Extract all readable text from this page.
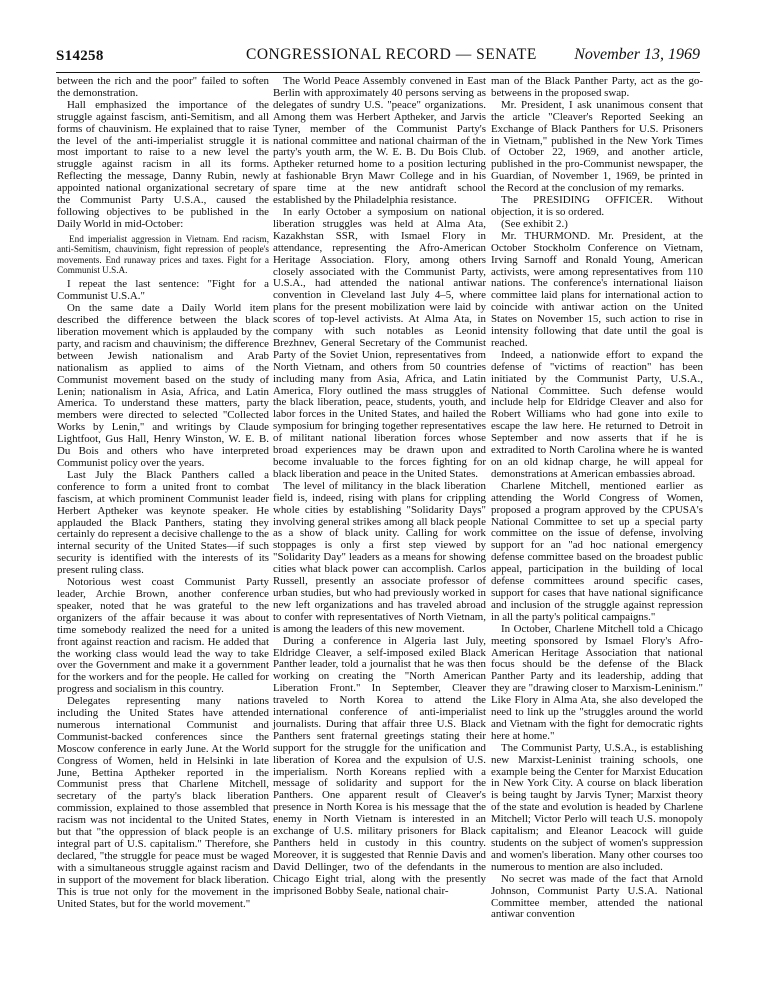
S14258	CONGRESSIONAL RECORD — SENATE November 13, 1969

between the rich and the poor" failed to soften the demonstration.

Hall emphasized the importance of the struggle against fascism, anti-Semitism, and all forms of chauvinism. He explained that to raise the level of the anti-imperialist struggle it is most important to raise to a new level the struggle against racism in all its forms. Reflecting the message, Danny Rubin, newly appointed national organizational secretary of the Communist Party U.S.A., caused the following objectives to be published in the Daily World in mid-October:

End imperialist aggression in Vietnam. End racism, anti-Semitism, chauvinism, fight repression of people's movements. End runaway prices and taxes. Fight for a Communist U.S.A.

I repeat the last sentence: "Fight for a Communist U.S.A."

On the same date a Daily World item described the difference between the black liberation movement which is applauded by the party, and racism and chauvinism; the difference between Jewish nationalism and Arab nationalism as applied to aims of the Communist movement based on the study of Lenin; nationalism in Asia, Africa, and Latin America. To understand these matters, party members were directed to selected "Collected Works by Lenin," and writings by Claude Lightfoot, Gus Hall, Henry Winston, W. E. B. Du Bois and others who have interpreted Communist policy over the years.

Last July the Black Panthers called a conference to form a united front to combat fascism, at which prominent Communist leader Herbert Aptheker was keynote speaker. He applauded the Black Panthers, stating they certainly do represent a decisive challenge to the internal security of the United States—if such security is identified with the interests of its present ruling class.

Notorious west coast Communist Party leader, Archie Brown, another conference speaker, noted that he was grateful to the organizers of the affair because it was about time somebody realized the need for a united front against reaction and racism. He added that the working class would lead the way to take over the Government and make it a government for the workers and for the people. He called for progress and socialism in this country.

Delegates representing many nations including the United States have attended numerous international Communist and Communist-backed conferences since the Moscow conference in early June. At the World Congress of Women, held in Helsinki in late June, Bettina Aptheker reported in the Communist press that Charlene Mitchell, secretary of the party's black liberation commission, explained to those assembled that racism was not incidental to the United States, but that "the oppression of black people is an integral part of U.S. capitalism." Therefore, she declared, "the struggle for peace must be waged with a simultaneous struggle against racism and in support of the movement for black liberation. This is true not only for the movement in the United States, but for the world movement."

The World Peace Assembly convened in East Berlin with approximately 40 persons serving as delegates of sundry U.S. "peace" organizations. Among them was Herbert Aptheker, and Jarvis Tyner, member of the Communist Party's national committee and national chairman of the party's youth arm, the W. E. B. Du Bois Club. Aptheker returned home to a position lecturing at fashionable Bryn Mawr College and in his spare time at the new antidraft school established by the Philadelphia resistance.

In early October a symposium on national liberation struggles was held at Alma Ata, Kazakhstan SSR, with Ismael Flory in attendance, representing the Afro-American Heritage Association. Flory, among others closely associated with the Communist Party, U.S.A., had attended the national antiwar convention in Cleveland last July 4–5, where plans for the present mobilization were laid by scores of top-level activists. At Alma Ata, in company with such notables as Leonid Brezhnev, General Secretary of the Communist Party of the Soviet Union, representatives from North Vietnam, and others from 50 countries including many from Asia, Africa, and Latin America, Flory outlined the mass struggles of the black liberation, peace, students, youth, and labor forces in the United States, and hailed the symposium for bringing together representatives of militant national liberation forces whose broad experiences may be drawn upon and become invaluable to the forces fighting for black liberation and peace in the United States.

The level of militancy in the black liberation field is, indeed, rising with plans for crippling whole cities by establishing "Solidarity Days" involving general strikes among all black people as a show of black unity. Calling for work stoppages is only a first step viewed by "Solidarity Day" leaders as a means for showing cities what black power can accomplish. Carlos Russell, presently an associate professor of urban studies, but who had previously worked in new left organizations and has traveled abroad to confer with representatives of North Vietnam, is among the leaders of this new movement.

During a conference in Algeria last July, Eldridge Cleaver, a self-imposed exiled Black Panther leader, told a journalist that he was then working on creating the "North American Liberation Front." In September, Cleaver traveled to North Korea to attend the international conference of anti-imperialist journalists. During that affair three U.S. Black Panthers sent fraternal greetings stating their support for the struggle for the unification and liberation of Korea and the expulsion of U.S. imperialism. North Koreans replied with a message of solidarity and support for the Panthers. One apparent result of Cleaver's presence in North Korea is his message that the enemy in North Vietnam is interested in an exchange of U.S. military prisoners for Black Panthers held in custody in this country. Moreover, it is suggested that Rennie Davis and David Dellinger, two of the defendants in the Chicago Eight trial, along with the presently imprisoned Bobby Seale, national chair-

man of the Black Panther Party, act as the go-betweens in the proposed swap.

Mr. President, I ask unanimous consent that the article "Cleaver's Reported Seeking an Exchange of Black Panthers for U.S. Prisoners in Vietnam," published in the New York Times of October 22, 1969, and another article, published in the pro-Communist newspaper, the Guardian, of November 1, 1969, be printed in the Record at the conclusion of my remarks.

The PRESIDING OFFICER. Without objection, it is so ordered.

(See exhibit 2.)

Mr. THURMOND. Mr. President, at the October Stockholm Conference on Vietnam, Irving Sarnoff and Ronald Young, American activists, were among representatives from 110 nations. The conference's international liaison committee laid plans for international action to coincide with antiwar action on the United States on November 15, such action to rise in intensity following that date until the goal is reached.

Indeed, a nationwide effort to expand the defense of "victims of reaction" has been initiated by the Communist Party, U.S.A., National Committee. Such defense would include help for Eldridge Cleaver and also for Robert Williams who had gone into exile to escape the law here. He returned to Detroit in September and now asserts that if he is extradited to North Carolina where he is wanted on an old kidnap charge, he will appeal for demonstrations at American embassies abroad.

Charlene Mitchell, mentioned earlier as attending the World Congress of Women, proposed a program approved by the CPUSA's National Committee to set up a special party committee on the issue of defense, involving support for an "ad hoc national emergency defense committee based on the broadest public appeal, participation in the building of local defense committees around specific cases, support for cases that have national significance and inclusion of the struggle against repression in all the party's political campaigns."

In October, Charlene Mitchell told a Chicago meeting sponsored by Ismael Flory's Afro-American Heritage Association that national focus should be the defense of the Black Panther Party and its leadership, adding that they are "drawing closer to Marxism-Leninism." Like Flory in Alma Ata, she also developed the need to link up the "struggles around the world and Vietnam with the fight for democratic rights here at home."

The Communist Party, U.S.A., is establishing new Marxist-Leninist training schools, one example being the Center for Marxist Education in New York City. A course on black liberation is being taught by Jarvis Tyner; Marxist theory of the state and evolution is headed by Charlene Mitchell; Victor Perlo will teach U.S. monopoly capitalism; and Eleanor Leacock will guide students on the subject of women's suppression and women's liberation. Many other courses too numerous to mention are also included.

No secret was made of the fact that Arnold Johnson, Communist Party U.S.A. National Committee member, attended the national antiwar convention
